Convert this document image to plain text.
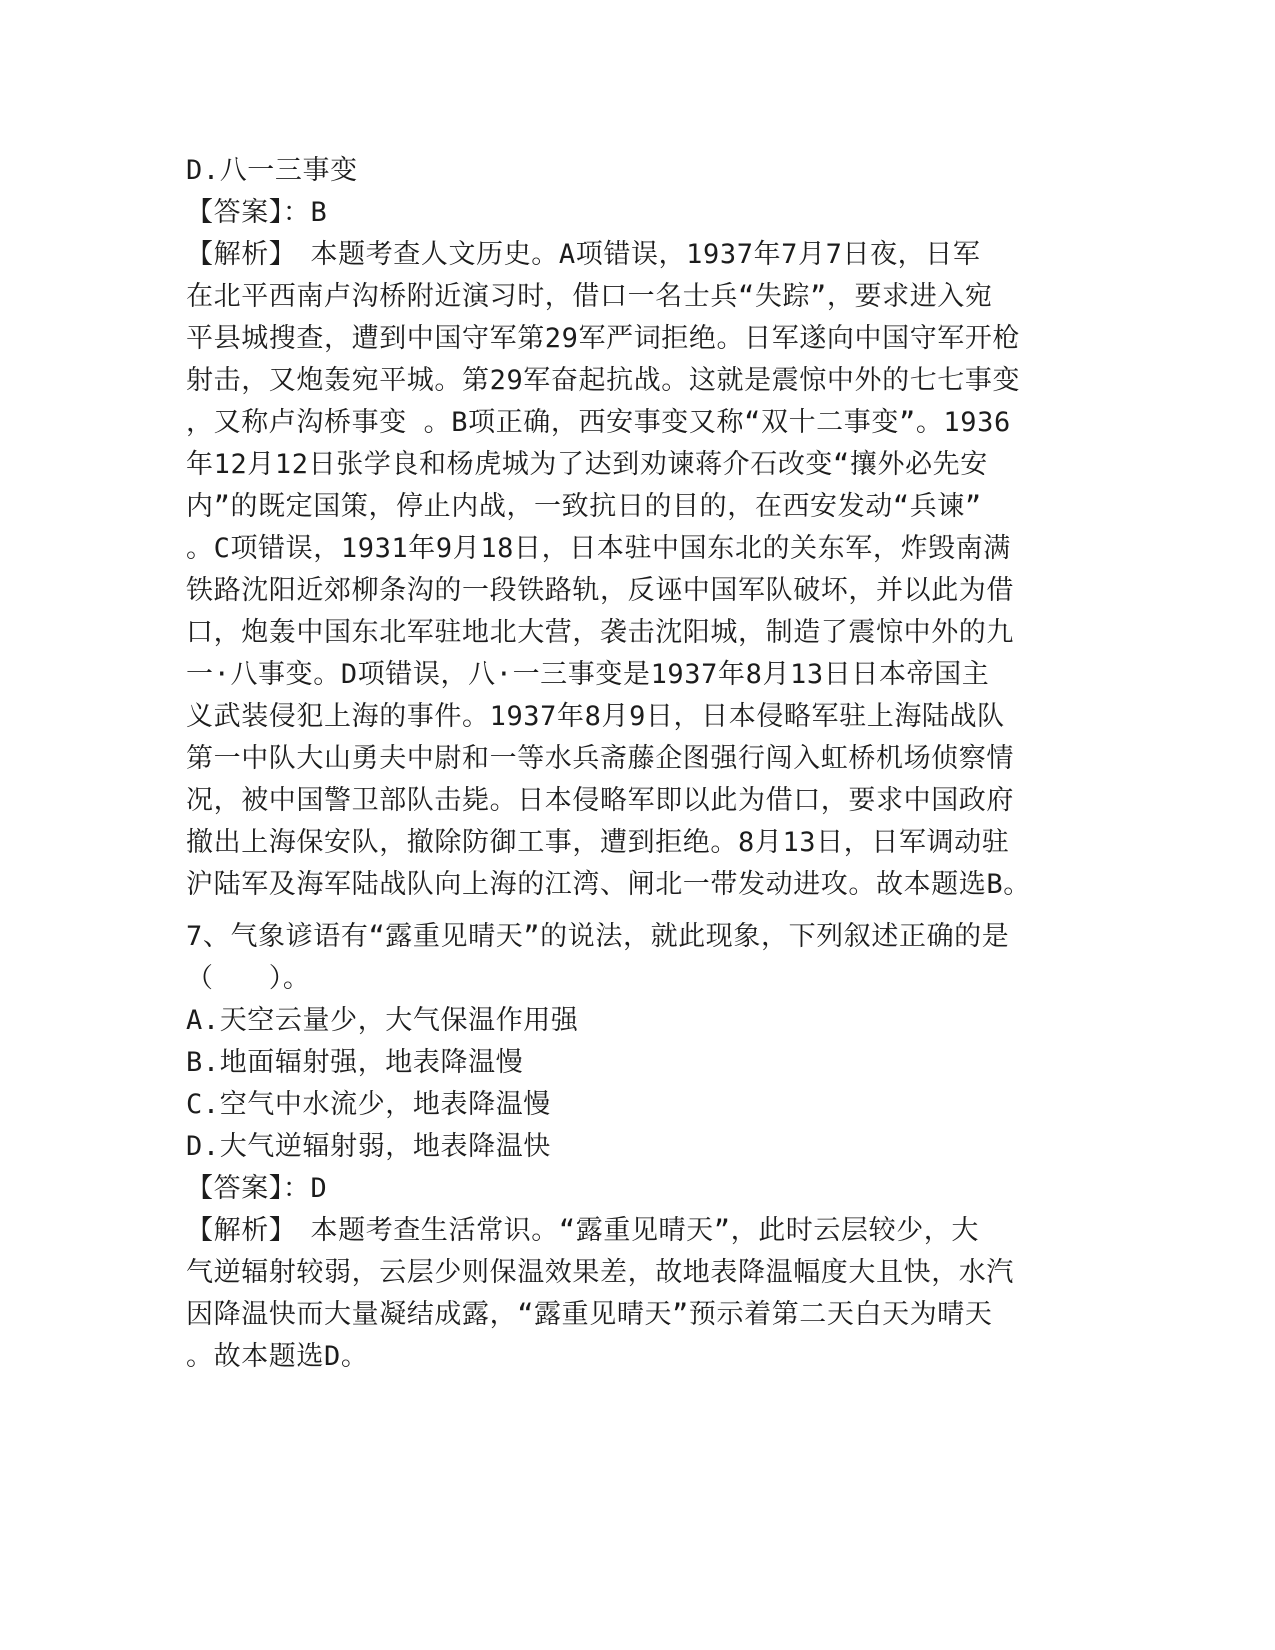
D.八一三事变
【答案】：B
【解析】　本题考查人文历史。A项错误，1937年7月7日夜，日军
在北平西南卢沟桥附近演习时，借口一名士兵“失踪”，要求进入宛
平县城搜查，遭到中国守军第29军严词拒绝。日军遂向中国守军开枪
射击，又炮轰宛平城。第29军奋起抗战。这就是震惊中外的七七事变
，又称卢沟桥事变 。B项正确，西安事变又称“双十二事变”。1936
年12月12日张学良和杨虎城为了达到劝谏蒋介石改变“攘外必先安
内”的既定国策，停止内战，一致抗日的目的，在西安发动“兵谏”
。C项错误，1931年9月18日，日本驻中国东北的关东军，炸毁南满
铁路沈阳近郊柳条沟的一段铁路轨，反诬中国军队破坏，并以此为借
口，炮轰中国东北军驻地北大营，袭击沈阳城，制造了震惊中外的九
一·八事变。D项错误，八·一三事变是1937年8月13日日本帝国主
义武装侵犯上海的事件。1937年8月9日，日本侵略军驻上海陆战队
第一中队大山勇夫中尉和一等水兵斋藤企图强行闯入虹桥机场侦察情
况，被中国警卫部队击毙。日本侵略军即以此为借口，要求中国政府
撤出上海保安队，撤除防御工事，遭到拒绝。8月13日，日军调动驻
沪陆军及海军陆战队向上海的江湾、闸北一带发动进攻。故本题选B。
7、气象谚语有“露重见晴天”的说法，就此现象，下列叙述正确的是
（　　）。
A.天空云量少，大气保温作用强
B.地面辐射强，地表降温慢
C.空气中水流少，地表降温慢
D.大气逆辐射弱，地表降温快
【答案】：D
【解析】　本题考查生活常识。“露重见晴天”，此时云层较少，大
气逆辐射较弱，云层少则保温效果差，故地表降温幅度大且快，水汽
因降温快而大量凝结成露，“露重见晴天”预示着第二天白天为晴天
。故本题选D。
